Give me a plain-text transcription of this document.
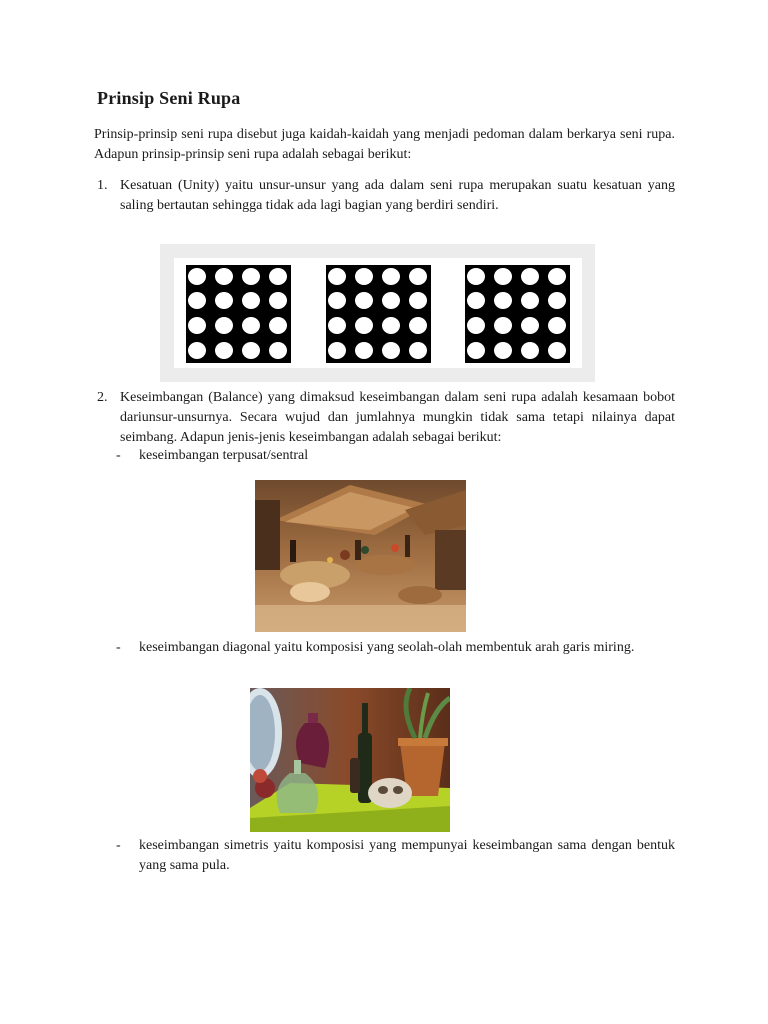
Prinsip Seni Rupa

Prinsip-prinsip seni rupa disebut juga kaidah-kaidah yang menjadi pedoman dalam berkarya seni rupa. Adapun prinsip-prinsip seni rupa adalah sebagai berikut:

1. Kesatuan (Unity) yaitu unsur-unsur yang ada dalam seni rupa merupakan suatu kesatuan yang saling bertautan sehingga tidak ada lagi bagian yang berdiri sendiri.

2. Keseimbangan (Balance) yang dimaksud keseimbangan dalam seni rupa adalah kesamaan bobot dariunsur-unsurnya. Secara wujud dan jumlahnya mungkin tidak sama tetapi nilainya dapat seimbang. Adapun jenis-jenis keseimbangan adalah sebagai berikut:

- keseimbangan terpusat/sentral

- keseimbangan diagonal yaitu komposisi yang seolah-olah membentuk arah garis miring.

- keseimbangan simetris yaitu komposisi yang mempunyai keseimbangan sama dengan bentuk yang sama pula.
